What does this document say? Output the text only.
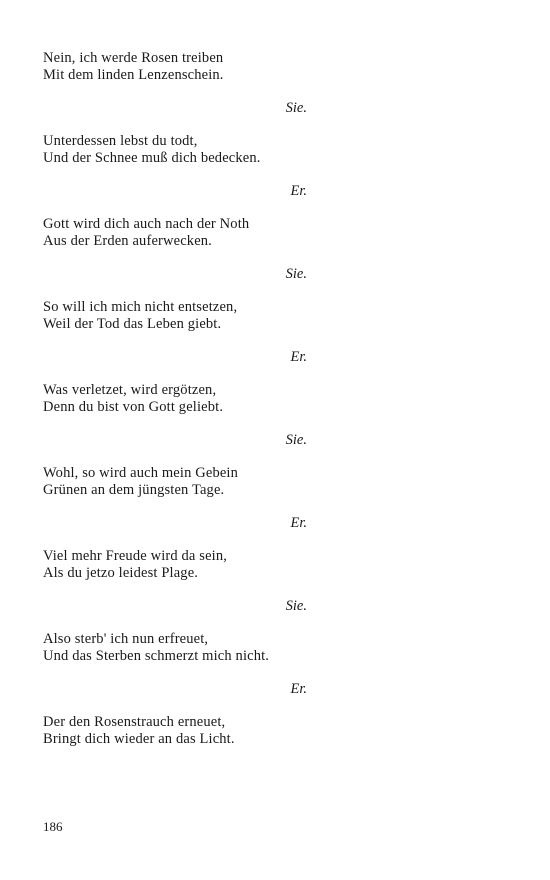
Nein, ich werde Rosen treiben
Mit dem linden Lenzenschein.
Sie.
Unterdessen lebst du todt,
Und der Schnee muß dich bedecken.
Er.
Gott wird dich auch nach der Noth
Aus der Erden auferwecken.
Sie.
So will ich mich nicht entsetzen,
Weil der Tod das Leben giebt.
Er.
Was verletzet, wird ergötzen,
Denn du bist von Gott geliebt.
Sie.
Wohl, so wird auch mein Gebein
Grünen an dem jüngsten Tage.
Er.
Viel mehr Freude wird da sein,
Als du jetzo leidest Plage.
Sie.
Also sterb' ich nun erfreuet,
Und das Sterben schmerzt mich nicht.
Er.
Der den Rosenstrauch erneuet,
Bringt dich wieder an das Licht.
186
